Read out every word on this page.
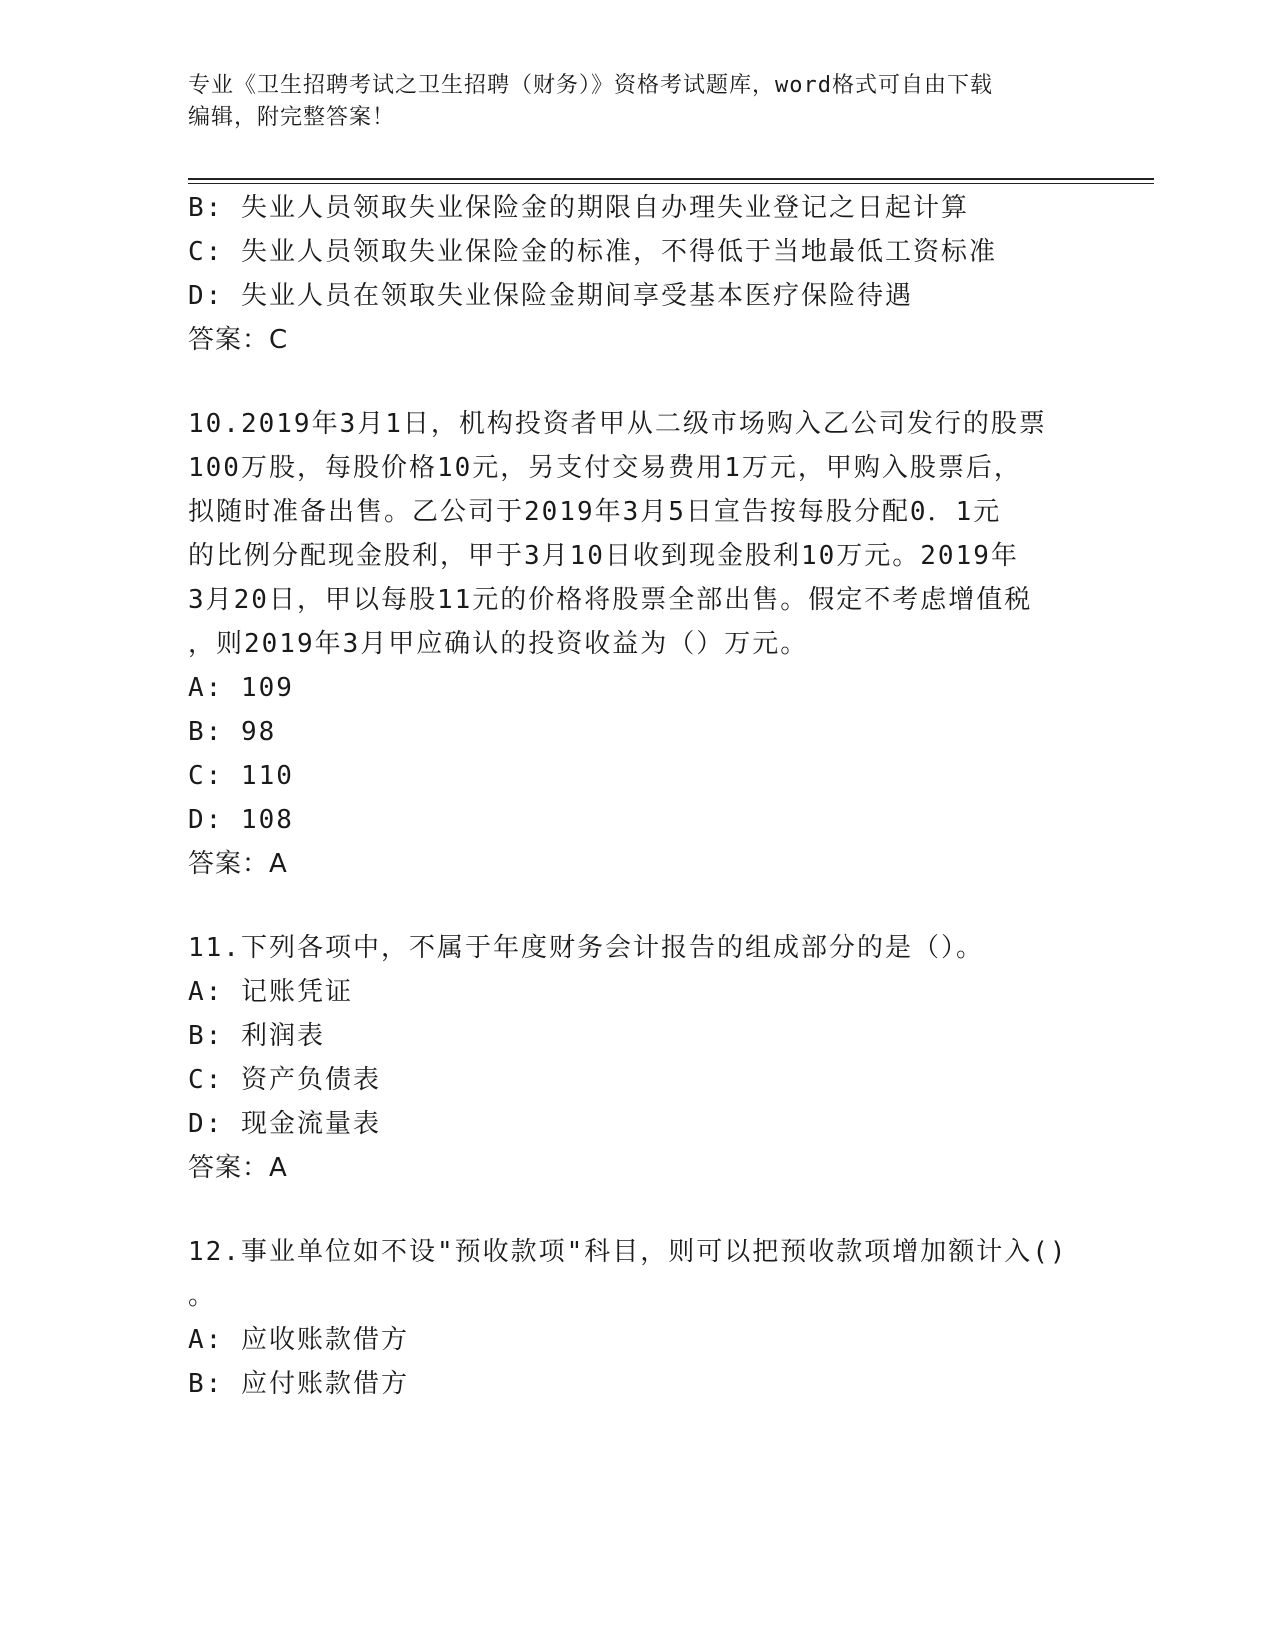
专业《卫生招聘考试之卫生招聘（财务）》资格考试题库，word格式可自由下载
编辑，附完整答案！
B: 失业人员领取失业保险金的期限自办理失业登记之日起计算
C: 失业人员领取失业保险金的标准，不得低于当地最低工资标准
D: 失业人员在领取失业保险金期间享受基本医疗保险待遇
答案：C
10.2019年3月1日，机构投资者甲从二级市场购入乙公司发行的股票
100万股，每股价格10元，另支付交易费用1万元，甲购入股票后，
拟随时准备出售。乙公司于2019年3月5日宣告按每股分配0．1元
的比例分配现金股利，甲于3月10日收到现金股利10万元。2019年
3月20日，甲以每股11元的价格将股票全部出售。假定不考虑增值税
，则2019年3月甲应确认的投资收益为（）万元。
A: 109
B: 98
C: 110
D: 108
答案：A
11.下列各项中，不属于年度财务会计报告的组成部分的是（）。
A: 记账凭证
B: 利润表
C: 资产负债表
D: 现金流量表
答案：A
12.事业单位如不设"预收款项"科目，则可以把预收款项增加额计入()
。
A: 应收账款借方
B: 应付账款借方
